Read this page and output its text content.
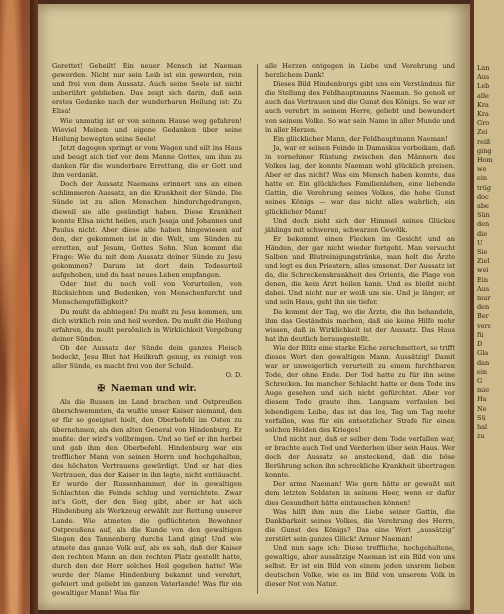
Gerettet! Geheilt! Ein neuer Mensch ist Naeman geworden. Nicht nur sein Leib ist ein geworden, rein und frei von dem Aussatz. Auch seine Seele ist nicht unberührt geblieben. Das zeigt sich darin, daß sein erstes Gedanke nach der wunderbaren Heilung ist: Zu Elisa!

Wie unmutig ist er von seinem Hause weg gefahren! Wieviel Meinen und eigene Gedanken über seine Heilung bewegten seine Seele!

Jetzt dagegen springt er vom Wagen und eilt ins Haus und beugt sich tief vor dem Manne Gottes, um ihm zu danken für die wunderbare Errettung, die er Gott und ihm verdankt.

Doch der Aussatz Naemans erinnert uns an einen schlimmeren Aussatz, an die Krankheit der Sünde. Die Sünde ist zu allen Menschen hindurchgedrungen, dieweil sie alle gesündigt haben. Diese Krankheit konnte Elisa nicht heilen, auch Jesaja und Johannes und Paulus nicht. Aber diese alle haben hingewiesen auf den, der gekommen ist in die Welt, um Sünden zu erretten, auf Jesum, Gottes Sohn. Nun kommt die Frage: Wie du mit dem Aussatz deiner Sünde zu Jesu gekommen? Darum ist dort dein Todesurteil aufgehoben, und du hast neues Leben empfangen.

Oder bist du noch voll von Vorurteilen, von Rücksichten und Bedenken, von Menschenfurcht und Menschengefälligkeit?

Du mußt da abbiegen! Du mußt zu Jesu kommen, um dich wirklich rein und heil werden. Du mußt die Heilung erfahren, du mußt persönlich in Wirklichkeit Vergebung deiner Sünden.

Ob der Aussatz der Sünde dein ganzes Fleisch bedeckt, Jesu Blut hat Heilkraft genug, es reinigt von aller Sünde, es macht frei von der Schuld.

O. D.

✠ Naeman und wir.

Als die Russen im Land brachen und Ostpreußen überschwemmten, da wußte unser Kaiser niemand, den er für so geeignet hielt, den Oberbefehl im Osten zu übernehmen, als den alten General von Hindenburg. Er mußte: der wird's vollbringen. Und so tief er ihn herbei und gab ihm den Oberbefehl. Hindenburg war ein trefflicher Mann von seinen Herrn und hochgehalten, des höchsten Vertrauens gewürdigt. Und er hat dies Vertrauen, das der Kaiser in ihn legte, nicht enttäuscht. Er wurde der Russenhammer, der in gewaltigen Schlachten die Feinde schlug und vernichtete. Zwar ist's Gott, der den Sieg gibt, aber er hat sich Hindenburg als Werkzeug erwählt zur Rettung unserer Lande. Wie atmeten die geflüchteten Bewohner Ostpreußens auf, als die Kunde von den gewaltigen Siegen des Tannenberg durchs Land ging! Und wie atmete das ganze Volk auf, als es sah, daß der Kaiser den rechten Mann an den rechten Platz gestellt hatte, durch den der Herr solches Heil gegeben hatte! Wie wurde der Name Hindenburg bekannt und verehrt, gefeiert und geliebt im ganzen Vaterlande! Was für ein gewaltiger Mann! Was für

alle Herzen entgegen in Liebe und Verehrung und herzlichem Dank!

Dieses Bild Hindenburgs gibt uns ein Verständnis für die Stellung des Feldhauptmanns Naeman. So genoß er auch das Vertrauen und die Gunst des Königs. So war er auch verehrt in seinem Herre, geliebt und bewundert von seinem Volke. So war sein Name in aller Munde und in aller Herzen.

Ein glücklicher Mann, der Feldhauptmann Naeman!

Ja, war er seinen Feinde in Damaskus vorbeikam, daß in vornehmer Rüstung zwischen den Männern des Volkes lag, der konnte Naeman wohl glücklich preisen. Aber er das nicht? Was ein Mensch haben konnte, das hatte er. Ein glückliches Familienleben, eine liebende Gattin, die Verehrung seines Volkes, die hohe Gunst seines Königs — war das nicht alles wahrlich, ein glücklicher Mann!

Und doch zieht sich der Himmel seines Glückes jählings mit schweren, schwarzen Gewölk.

Er bekommt einen Flecken im Gesicht und an Händen, der gar nicht wieder fortgeht. Man versucht Salben und Blutreinigungstränke, man holt die Ärzte und legt es den Priestern, alles umsonst. Der Aussatz ist da, die Schreckenskrankheit des Orients, die Plage von denen, die kein Arzt heilen kann. Und es bleibt nicht dabei. Und nicht nur er weiß um sie. Und je länger, er und sein Haus, geht ihn sie tiefer.

Da kommt der Tag, wo die Ärzte, die ihn behandeln, ihm das Geständnis machen, daß sie keine Hilfe mehr wissen, daß in Wirklichkeit ist der Aussatz. Das Haus hat ihn deutlich herausgestellt.

Wie der Blitz eine starke Eiche zerschmettert, so trifft dieses Wort den gewaltigen Mann. Aussätzig! Damit war er unweigerlich verurteilt zu einem furchtbaren Tode, der ohne Ende. Der Tod hatte zu für ihn seine Schrecken. Im mancher Schlacht hatte er dem Tode ins Auge gesehen und sich nicht gefürchtet. Aber vor diesem Tode graute ihm. Langsam verfaulen bei lebendigem Leibe, das ist das los, Tag um Tag mehr verfallen, was für ein entsetzlicher Strafe für einen solchen Helden des Krieges!

Und nicht nur, daß er selber dem Tode verfallen war, er brachte auch Tod und Verderben über sein Haus. Wer doch der Aussatz so ansteckend, daß die böse Berührung schon ihn schreckliche Krankheit übertragen konnte.

Der arme Naeman! Wie gern hätte er gewußt mit dem letzten Soldaten in seinem Heer, wenn er dafür dies Gesundheit hätte eintauschen können!

Was hilft ihm nun die Liebe seiner Gattin, die Dankbarkeit seines Volkes, die Verehrung des Herrn, die Gunst des Königs? Das eine Wort „aussätzig“ zerstört sein ganzes Glück! Armer Naeman!

Und nun sage ich: Diese treffliche, hochgehaltene, gewaltige, aber aussätzige Naeman ist ein Bild von uns selbst. Er ist ein Bild von einem jeden unsrem lieben deutschen Volke, wie es im Bild von unserem Volk in dieser Not von Natur.

Lan
Aus
Leb
alle
Kra
Kra
Gro
Zei
reiß
ging
Hom
we
ein
trüg
doc
abe
Sün
den
die
U
Sie
Ziel
wei
Ein
Aus
mur
den
Ber
verc
fü
D
Gla
dan
ein
G
mie
Ha
Ne
Sü
hal
zu
